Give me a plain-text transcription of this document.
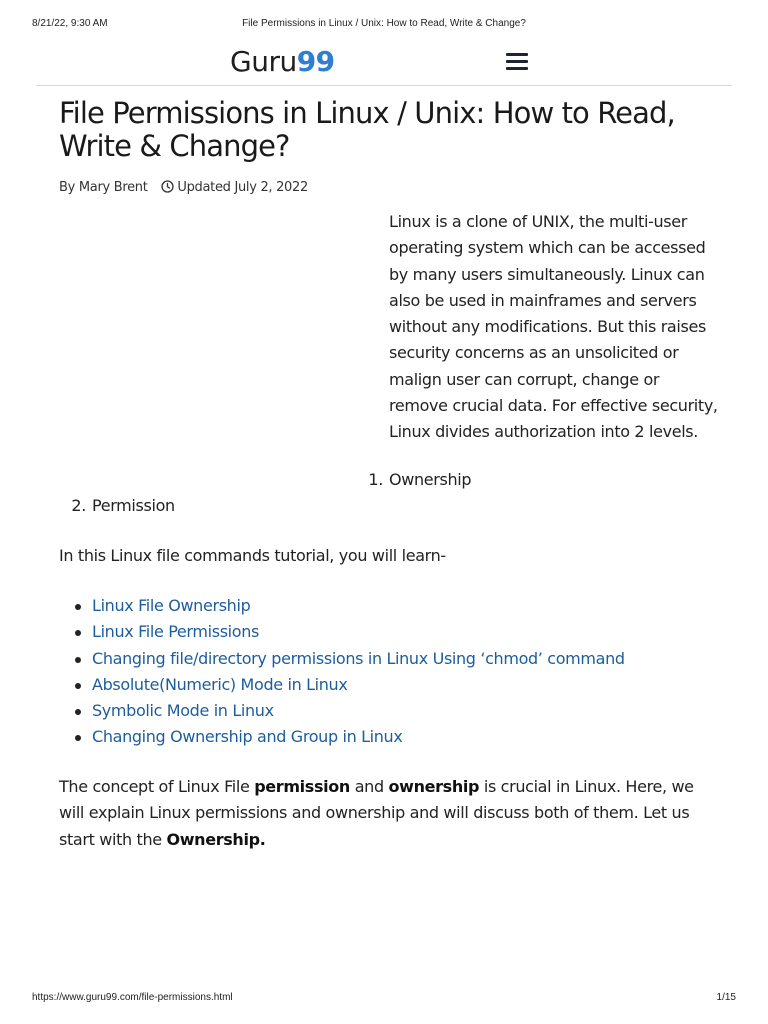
8/21/22, 9:30 AM	File Permissions in Linux / Unix: How to Read, Write & Change?
Guru99
File Permissions in Linux / Unix: How to Read, Write & Change?
By Mary Brent Updated July 2, 2022

Linux is a clone of UNIX, the multi-user operating system which can be accessed by many users simultaneously. Linux can also be used in mainframes and servers without any modifications. But this raises security concerns as an unsolicited or malign user can corrupt, change or remove crucial data. For effective security, Linux divides authorization into 2 levels.

1. Ownership
2. Permission
In this Linux file commands tutorial, you will learn-
Linux File Ownership
Linux File Permissions
Changing file/directory permissions in Linux Using ‘chmod’ command
Absolute(Numeric) Mode in Linux
Symbolic Mode in Linux
Changing Ownership and Group in Linux

The concept of Linux File permission and ownership is crucial in Linux. Here, we will explain Linux permissions and ownership and will discuss both of them. Let us start with the Ownership.

https://www.guru99.com/file-permissions.html	1/15
